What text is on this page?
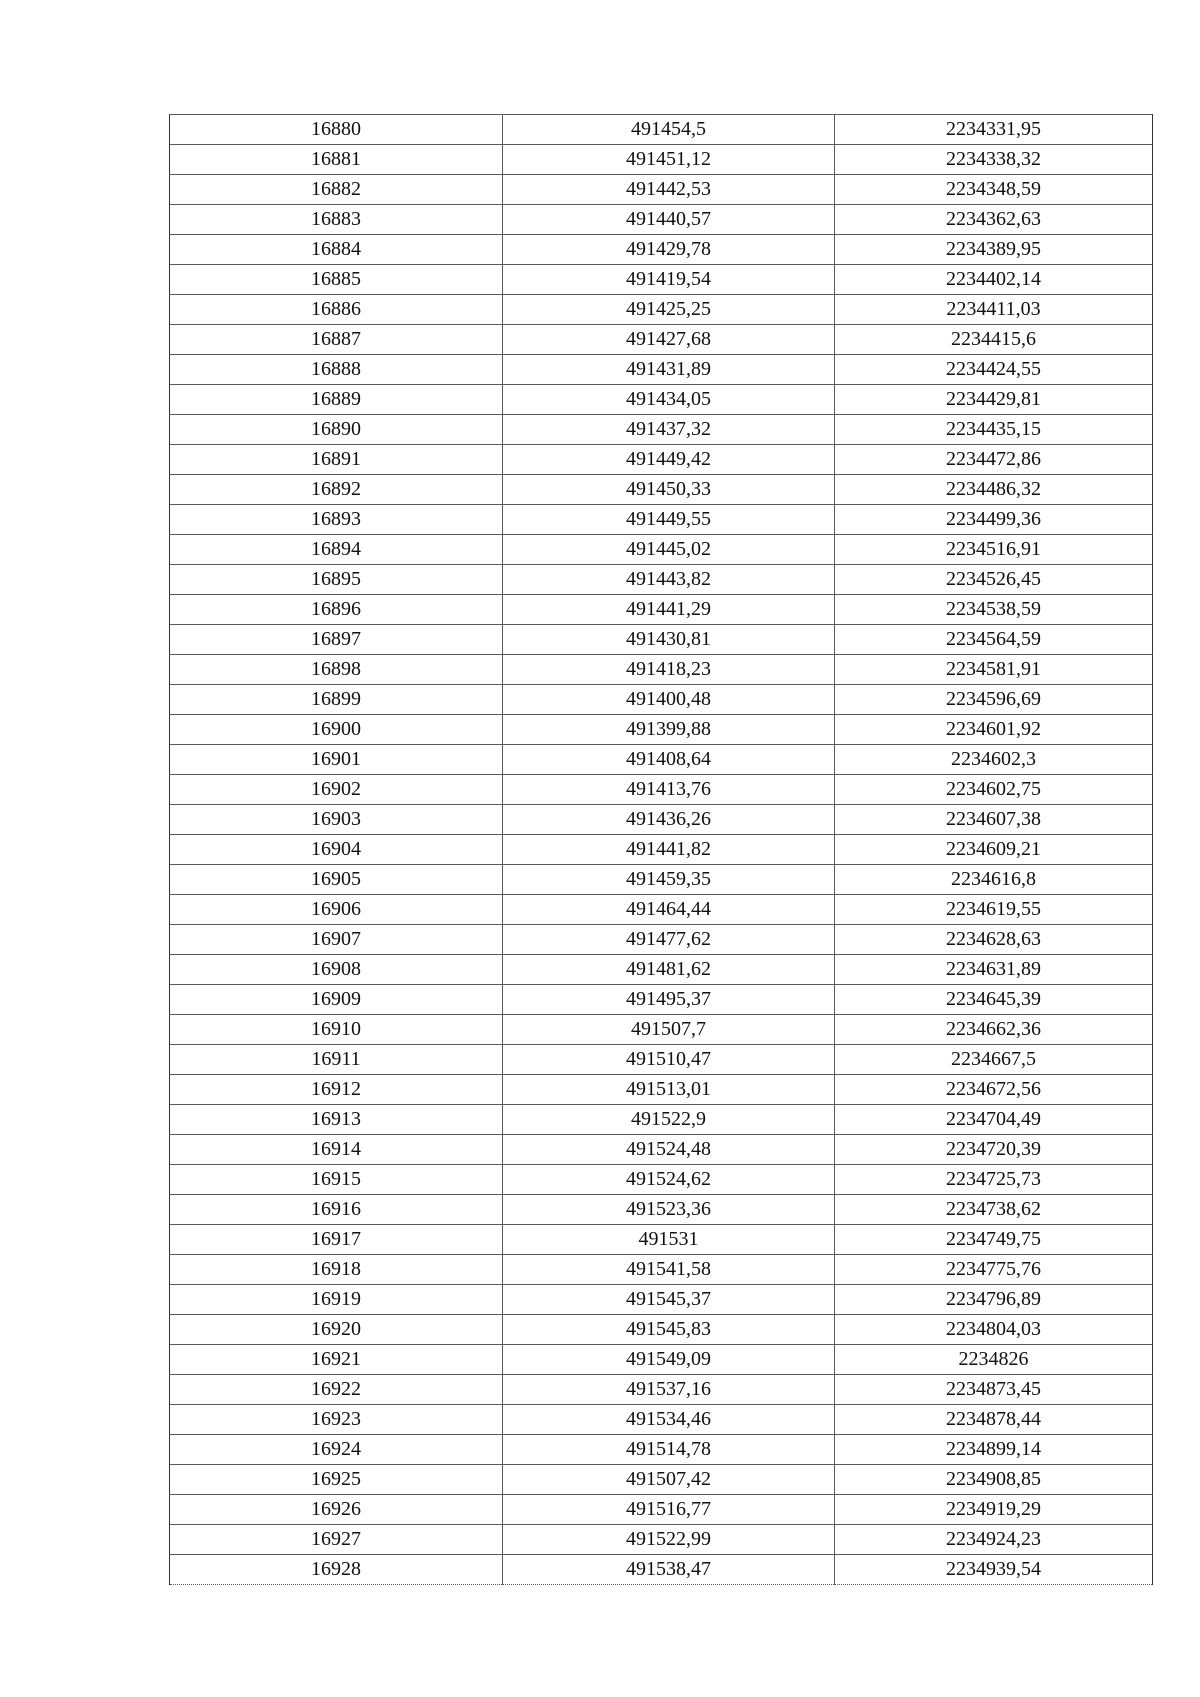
16880	491454,5	2234331,95
16881	491451,12	2234338,32
16882	491442,53	2234348,59
16883	491440,57	2234362,63
16884	491429,78	2234389,95
16885	491419,54	2234402,14
16886	491425,25	2234411,03
16887	491427,68	2234415,6
16888	491431,89	2234424,55
16889	491434,05	2234429,81
16890	491437,32	2234435,15
16891	491449,42	2234472,86
16892	491450,33	2234486,32
16893	491449,55	2234499,36
16894	491445,02	2234516,91
16895	491443,82	2234526,45
16896	491441,29	2234538,59
16897	491430,81	2234564,59
16898	491418,23	2234581,91
16899	491400,48	2234596,69
16900	491399,88	2234601,92
16901	491408,64	2234602,3
16902	491413,76	2234602,75
16903	491436,26	2234607,38
16904	491441,82	2234609,21
16905	491459,35	2234616,8
16906	491464,44	2234619,55
16907	491477,62	2234628,63
16908	491481,62	2234631,89
16909	491495,37	2234645,39
16910	491507,7	2234662,36
16911	491510,47	2234667,5
16912	491513,01	2234672,56
16913	491522,9	2234704,49
16914	491524,48	2234720,39
16915	491524,62	2234725,73
16916	491523,36	2234738,62
16917	491531	2234749,75
16918	491541,58	2234775,76
16919	491545,37	2234796,89
16920	491545,83	2234804,03
16921	491549,09	2234826
16922	491537,16	2234873,45
16923	491534,46	2234878,44
16924	491514,78	2234899,14
16925	491507,42	2234908,85
16926	491516,77	2234919,29
16927	491522,99	2234924,23
16928	491538,47	2234939,54
